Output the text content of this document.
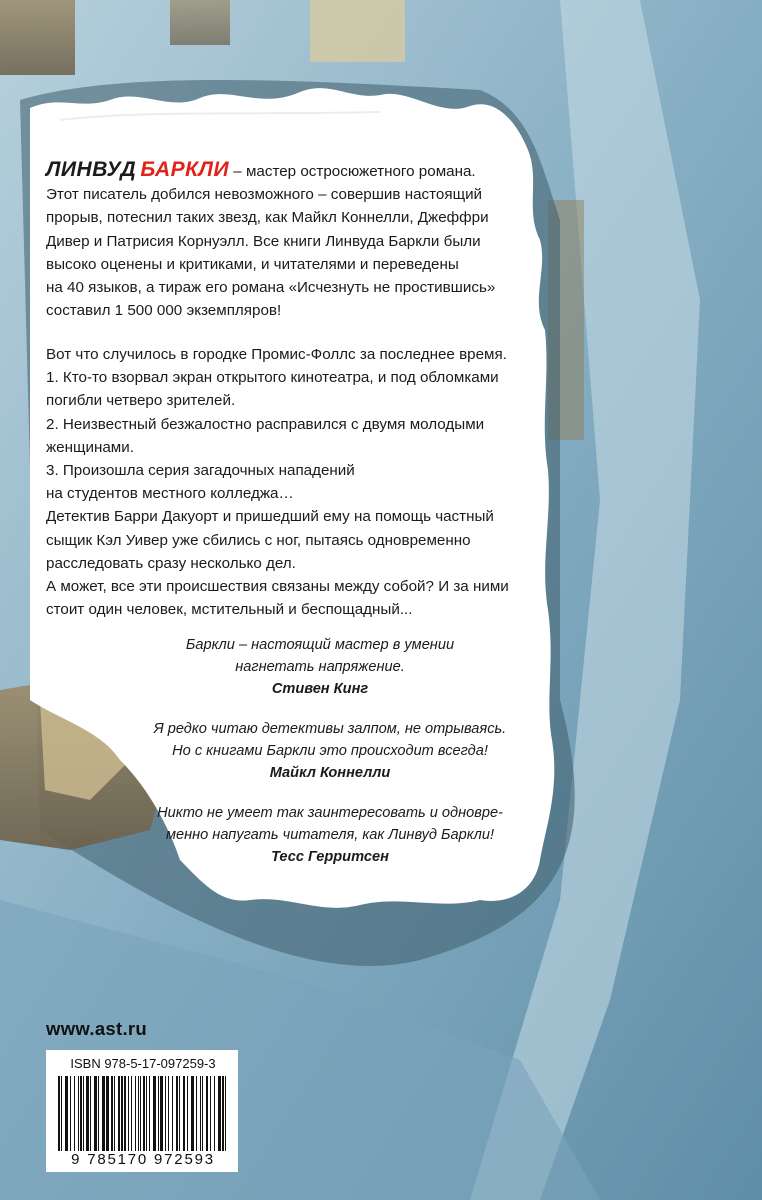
ЛИНВУД БАРКЛИ – мастер остросюжетного романа.
Этот писатель добился невозможного – совершив настоящий
прорыв, потеснил таких звезд, как Майкл Коннелли, Джеффри
Дивер и Патрисия Корнуэлл. Все книги Линвуда Баркли были
высоко оценены и критиками, и читателями и переведены
на 40 языков, а тираж его романа «Исчезнуть не простившись»
составил 1 500 000 экземпляров!
Вот что случилось в городке Промис-Фоллс за последнее время.
1. Кто-то взорвал экран открытого кинотеатра, и под обломками
погибли четверо зрителей.
2. Неизвестный безжалостно расправился с двумя молодыми
женщинами.
3. Произошла серия загадочных нападений
на студентов местного колледжа…
Детектив Барри Дакуорт и пришедший ему на помощь частный
сыщик Кэл Уивер уже сбились с ног, пытаясь одновременно
расследовать сразу несколько дел.
А может, все эти происшествия связаны между собой? И за ними
стоит один человек, мстительный и беспощадный...
Баркли – настоящий мастер в умении
нагнетать напряжение.
Стивен Кинг
Я редко читаю детективы залпом, не отрываясь.
Но с книгами Баркли это происходит всегда!
Майкл Коннелли
Никто не умеет так заинтересовать и одновре-
менно напугать читателя, как Линвуд Баркли!
Тесс Герритсен
www.ast.ru
ISBN 978-5-17-097259-3
9 785170 972593
